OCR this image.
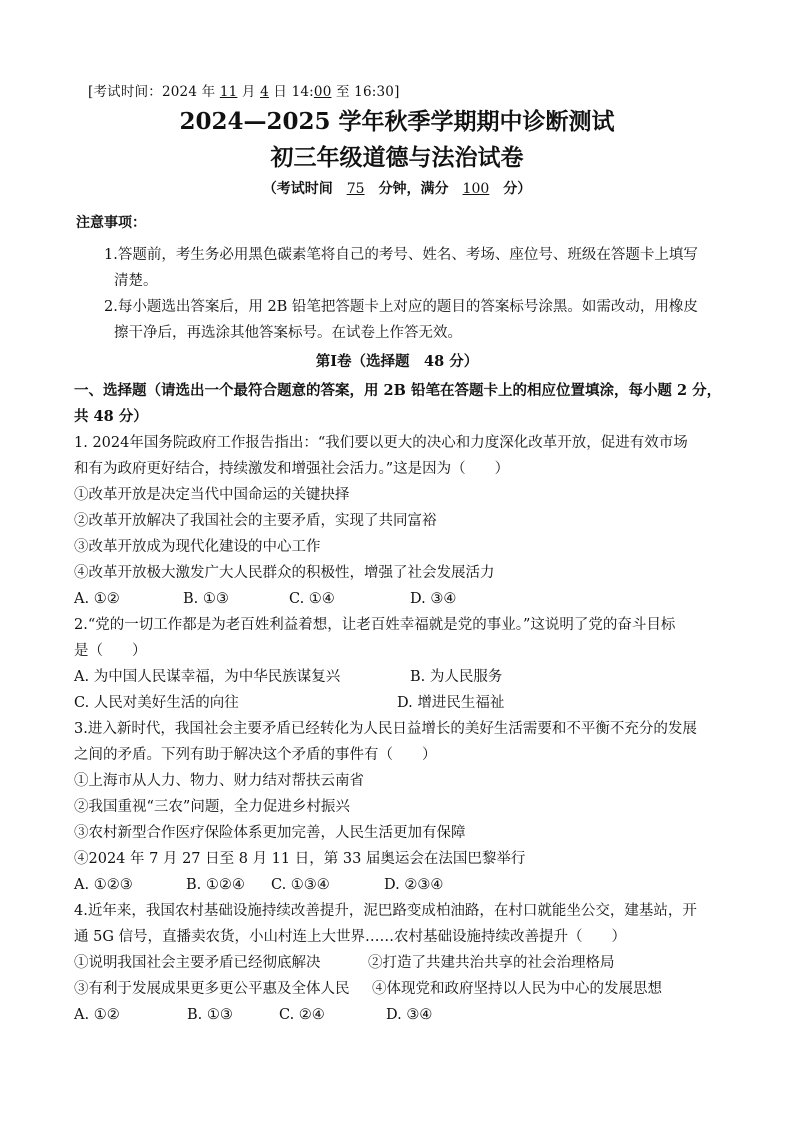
[考试时间：2024 年 11 月 4 日 14:00 至 16:30]
2024—2025 学年秋季学期期中诊断测试
初三年级道德与法治试卷
（考试时间 75 分钟，满分 100 分）
注意事项：
1.答题前，考生务必用黑色碳素笔将自己的考号、姓名、考场、座位号、班级在答题卡上填写
清楚。
2.每小题选出答案后，用 2B 铅笔把答题卡上对应的题目的答案标号涂黑。如需改动，用橡皮
擦干净后，再选涂其他答案标号。在试卷上作答无效。
第Ⅰ卷（选择题　48 分）
一、选择题（请选出一个最符合题意的答案，用 2B 铅笔在答题卡上的相应位置填涂，每小题 2 分，共 48 分）
1. 2024年国务院政府工作报告指出：“我们要以更大的决心和力度深化改革开放，促进有效市场
和有为政府更好结合，持续激发和增强社会活力。”这是因为（　　）
①改革开放是决定当代中国命运的关键抉择
②改革开放解决了我国社会的主要矛盾，实现了共同富裕
③改革开放成为现代化建设的中心工作
④改革开放极大激发广大人民群众的积极性，增强了社会发展活力
A. ①②	B. ①③	C. ①④	D. ③④
2.“党的一切工作都是为老百姓利益着想，让老百姓幸福就是党的事业。”这说明了党的奋斗目标
是（　　）
A. 为中国人民谋幸福，为中华民族谋复兴	B. 为人民服务
C. 人民对美好生活的向往	D. 增进民生福祉
3.进入新时代，我国社会主要矛盾已经转化为人民日益增长的美好生活需要和不平衡不充分的发展
之间的矛盾。下列有助于解决这个矛盾的事件有（　　）
①上海市从人力、物力、财力结对帮扶云南省
②我国重视“三农”问题，全力促进乡村振兴
③农村新型合作医疗保险体系更加完善，人民生活更加有保障
④2024 年 7 月 27 日至 8 月 11 日，第 33 届奥运会在法国巴黎举行
A. ①②③	B. ①②④ C. ①③④	D. ②③④
4.近年来，我国农村基础设施持续改善提升，泥巴路变成柏油路，在村口就能坐公交，建基站，开
通 5G 信号，直播卖农货，小山村连上大世界……农村基础设施持续改善提升（　　）
①说明我国社会主要矛盾已经彻底解决	②打造了共建共治共享的社会治理格局
③有利于发展成果更多更公平惠及全体人民 ④体现党和政府坚持以人民为中心的发展思想
A. ①②	B. ①③	C. ②④	D. ③④
